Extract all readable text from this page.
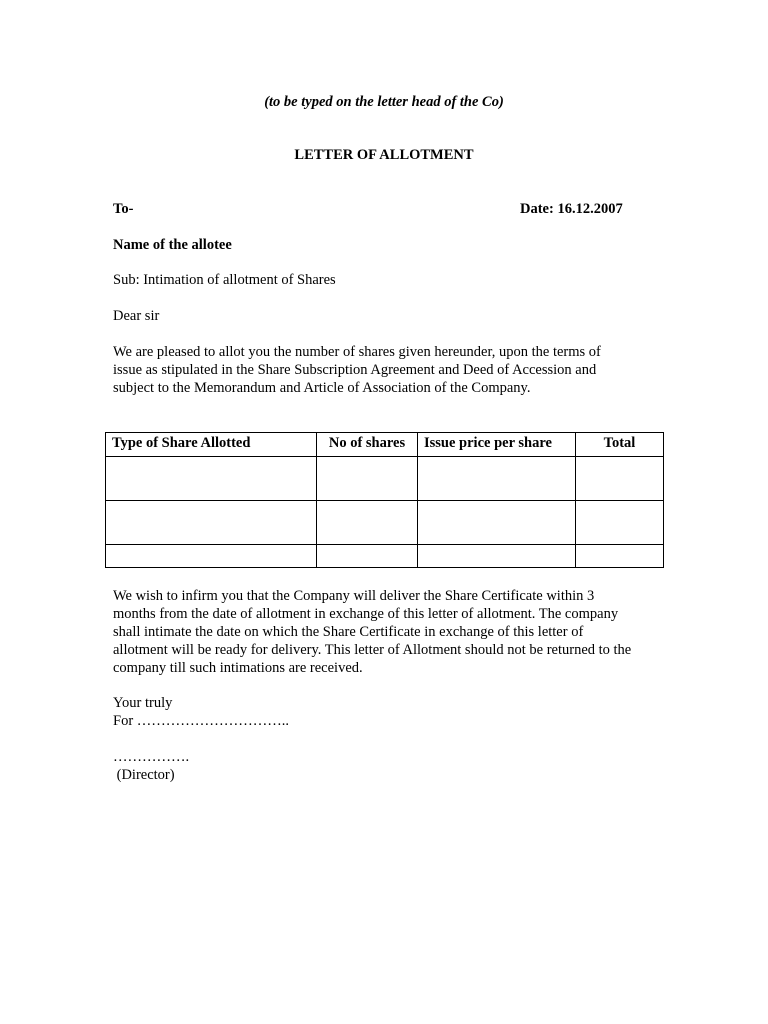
(to be typed on the letter head of the Co)
LETTER OF ALLOTMENT
To-	Date: 16.12.2007
Name of the allotee
Sub: Intimation of allotment of Shares
Dear sir
We are pleased to allot you the number of shares given hereunder, upon the terms of
issue as stipulated in the Share Subscription Agreement and Deed of Accession and
subject to the Memorandum and Article of Association of the Company.
Type of Share Allotted	No of shares	Issue price per share	Total

We wish to infirm you that the Company will deliver the Share Certificate within 3
months from the date of allotment in exchange of this letter of allotment. The company
shall intimate the date on which the Share Certificate in exchange of this letter of
allotment will be ready for delivery. This letter of Allotment should not be returned to the
company till such intimations are received.
Your truly
For …………………………..
…………….
(Director)
